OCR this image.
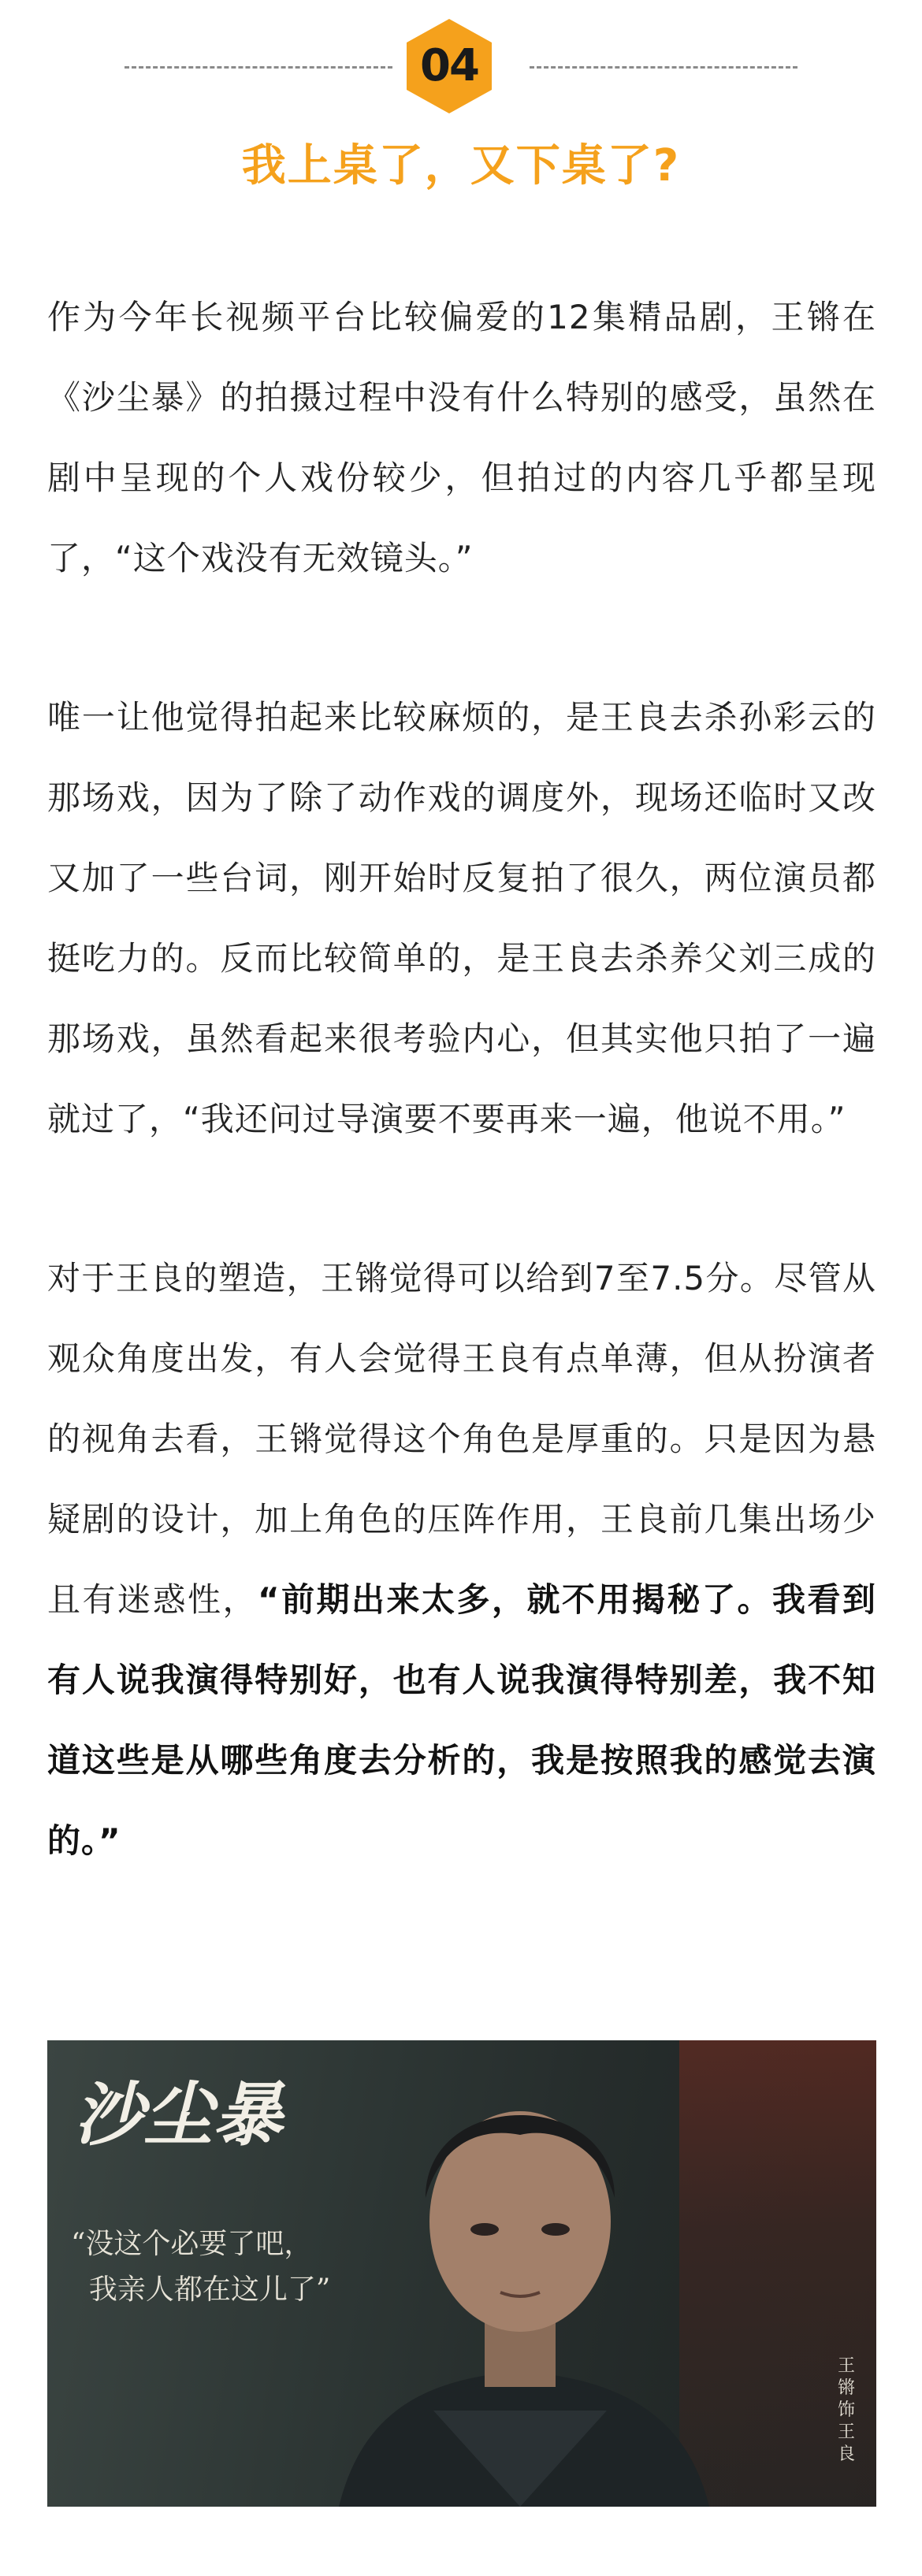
04
我上桌了，又下桌了?

作为今年长视频平台比较偏爱的12集精品剧，王锵在《沙尘暴》的拍摄过程中没有什么特别的感受，虽然在剧中呈现的个人戏份较少，但拍过的内容几乎都呈现了，“这个戏没有无效镜头。”

唯一让他觉得拍起来比较麻烦的，是王良去杀孙彩云的那场戏，因为了除了动作戏的调度外，现场还临时又改又加了一些台词，刚开始时反复拍了很久，两位演员都挺吃力的。反而比较简单的，是王良去杀养父刘三成的那场戏，虽然看起来很考验内心，但其实他只拍了一遍就过了，“我还问过导演要不要再来一遍，他说不用。”

对于王良的塑造，王锵觉得可以给到7至7.5分。尽管从观众角度出发，有人会觉得王良有点单薄，但从扮演者的视角去看，王锵觉得这个角色是厚重的。只是因为悬疑剧的设计，加上角色的压阵作用，王良前几集出场少且有迷惑性，“前期出来太多，就不用揭秘了。我看到有人说我演得特别好，也有人说我演得特别差，我不知道这些是从哪些角度去分析的，我是按照我的感觉去演的。”

沙尘暴
“没这个必要了吧，
我亲人都在这儿了”
王锵 饰 王良
